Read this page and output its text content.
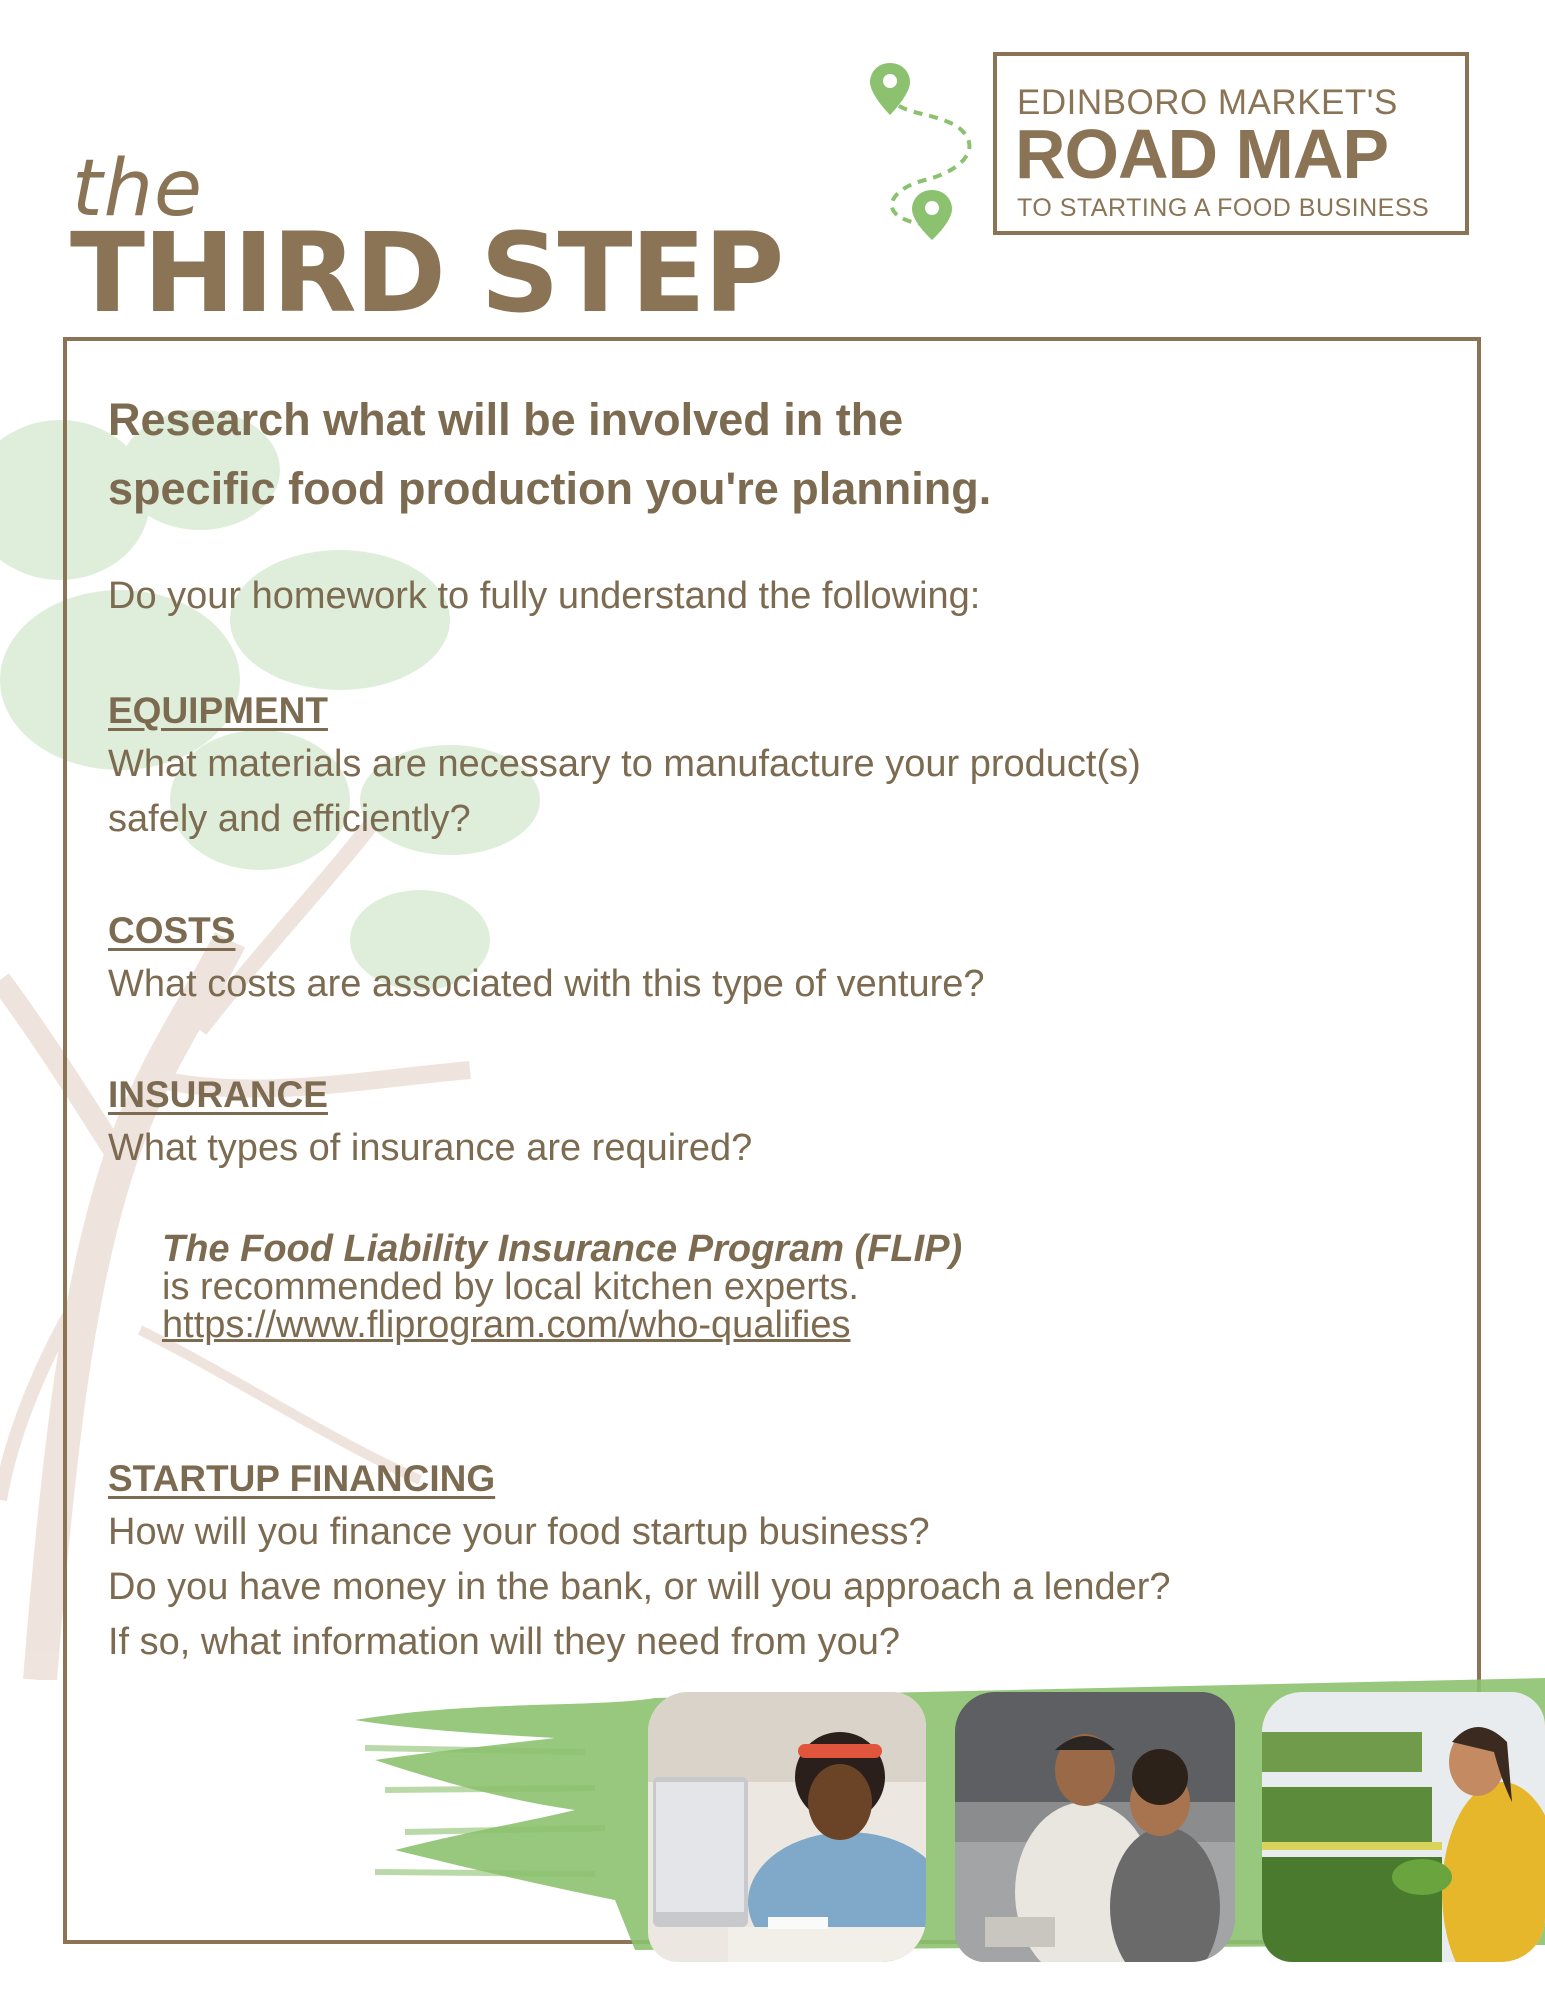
the
THIRD STEP
EDINBORO MARKET'S
ROAD MAP
TO STARTING A FOOD BUSINESS
Research what will be involved in the
specific food production you're planning.
Do your homework to fully understand the following:
EQUIPMENT
What materials are necessary to manufacture your product(s)
safely and efficiently?
COSTS
What costs are associated with this type of venture?
INSURANCE
What types of insurance are required?
The Food Liability Insurance Program (FLIP)
is recommended by local kitchen experts.
https://www.fliprogram.com/who-qualifies
STARTUP FINANCING
How will you finance your food startup business?
Do you have money in the bank, or will you approach a lender?
If so, what information will they need from you?
